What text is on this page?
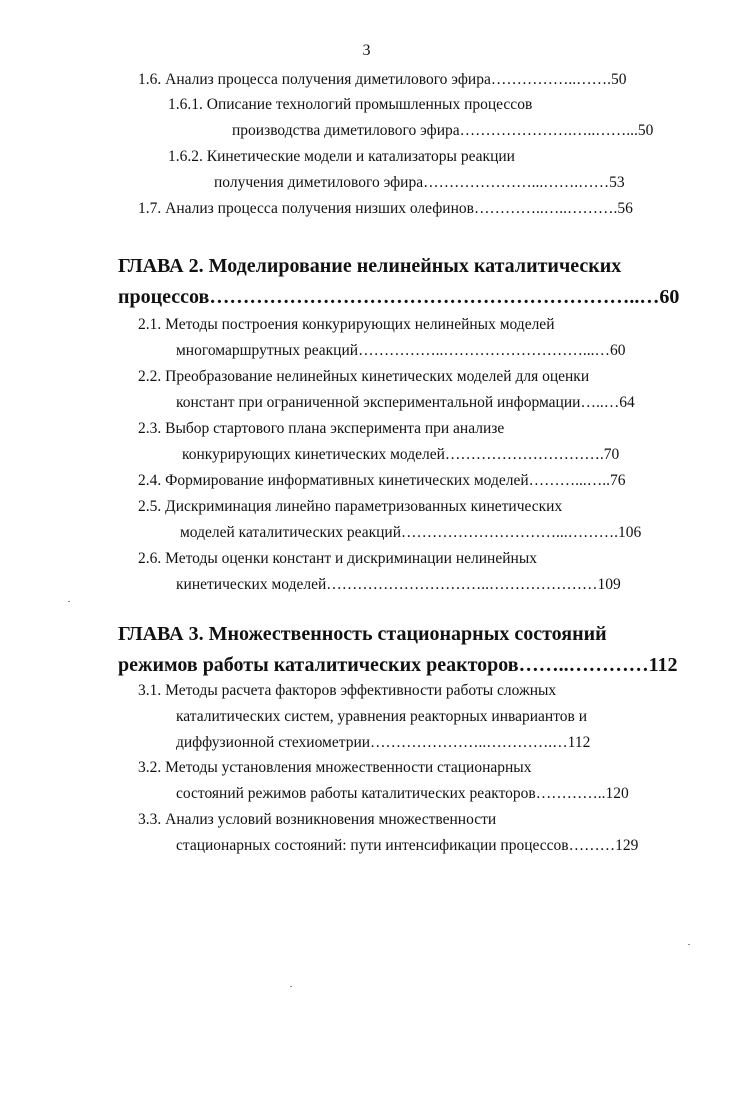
3
1.6. Анализ процесса получения диметилового эфира……………..…….50
1.6.1. Описание технологий промышленных процессов
производства диметилового эфира………………….…..……...50
1.6.2. Кинетические модели и катализаторы реакции
получения диметилового эфира…………………...…….……53
1.7. Анализ процесса получения низших олефинов…………..…..……….56
ГЛАВА 2. Моделирование нелинейных каталитических
процессов………………………………………………………..…60
2.1. Методы построения конкурирующих нелинейных моделей
многомаршрутных реакций……………..………………………...…60
2.2. Преобразование нелинейных кинетических моделей для оценки
констант при ограниченной экспериментальной информации…..…64
2.3. Выбор стартового плана эксперимента при анализе
конкурирующих кинетических моделей………………………….70
2.4. Формирование информативных кинетических моделей………...…..76
2.5. Дискриминация линейно параметризованных кинетических
моделей каталитических реакций…………………………...……….106
2.6. Методы оценки констант и дискриминации нелинейных
кинетических моделей…………………………..…………………109
ГЛАВА 3. Множественность стационарных состояний
режимов работы каталитических реакторов……..…………112
3.1. Методы расчета факторов эффективности работы сложных
каталитических систем, уравнения реакторных инвариантов и
диффузионной стехиометрии…………………..………….…112
3.2. Методы установления множественности стационарных
состояний режимов работы каталитических реакторов…………..120
3.3. Анализ условий возникновения множественности
стационарных состояний: пути интенсификации процессов………129
